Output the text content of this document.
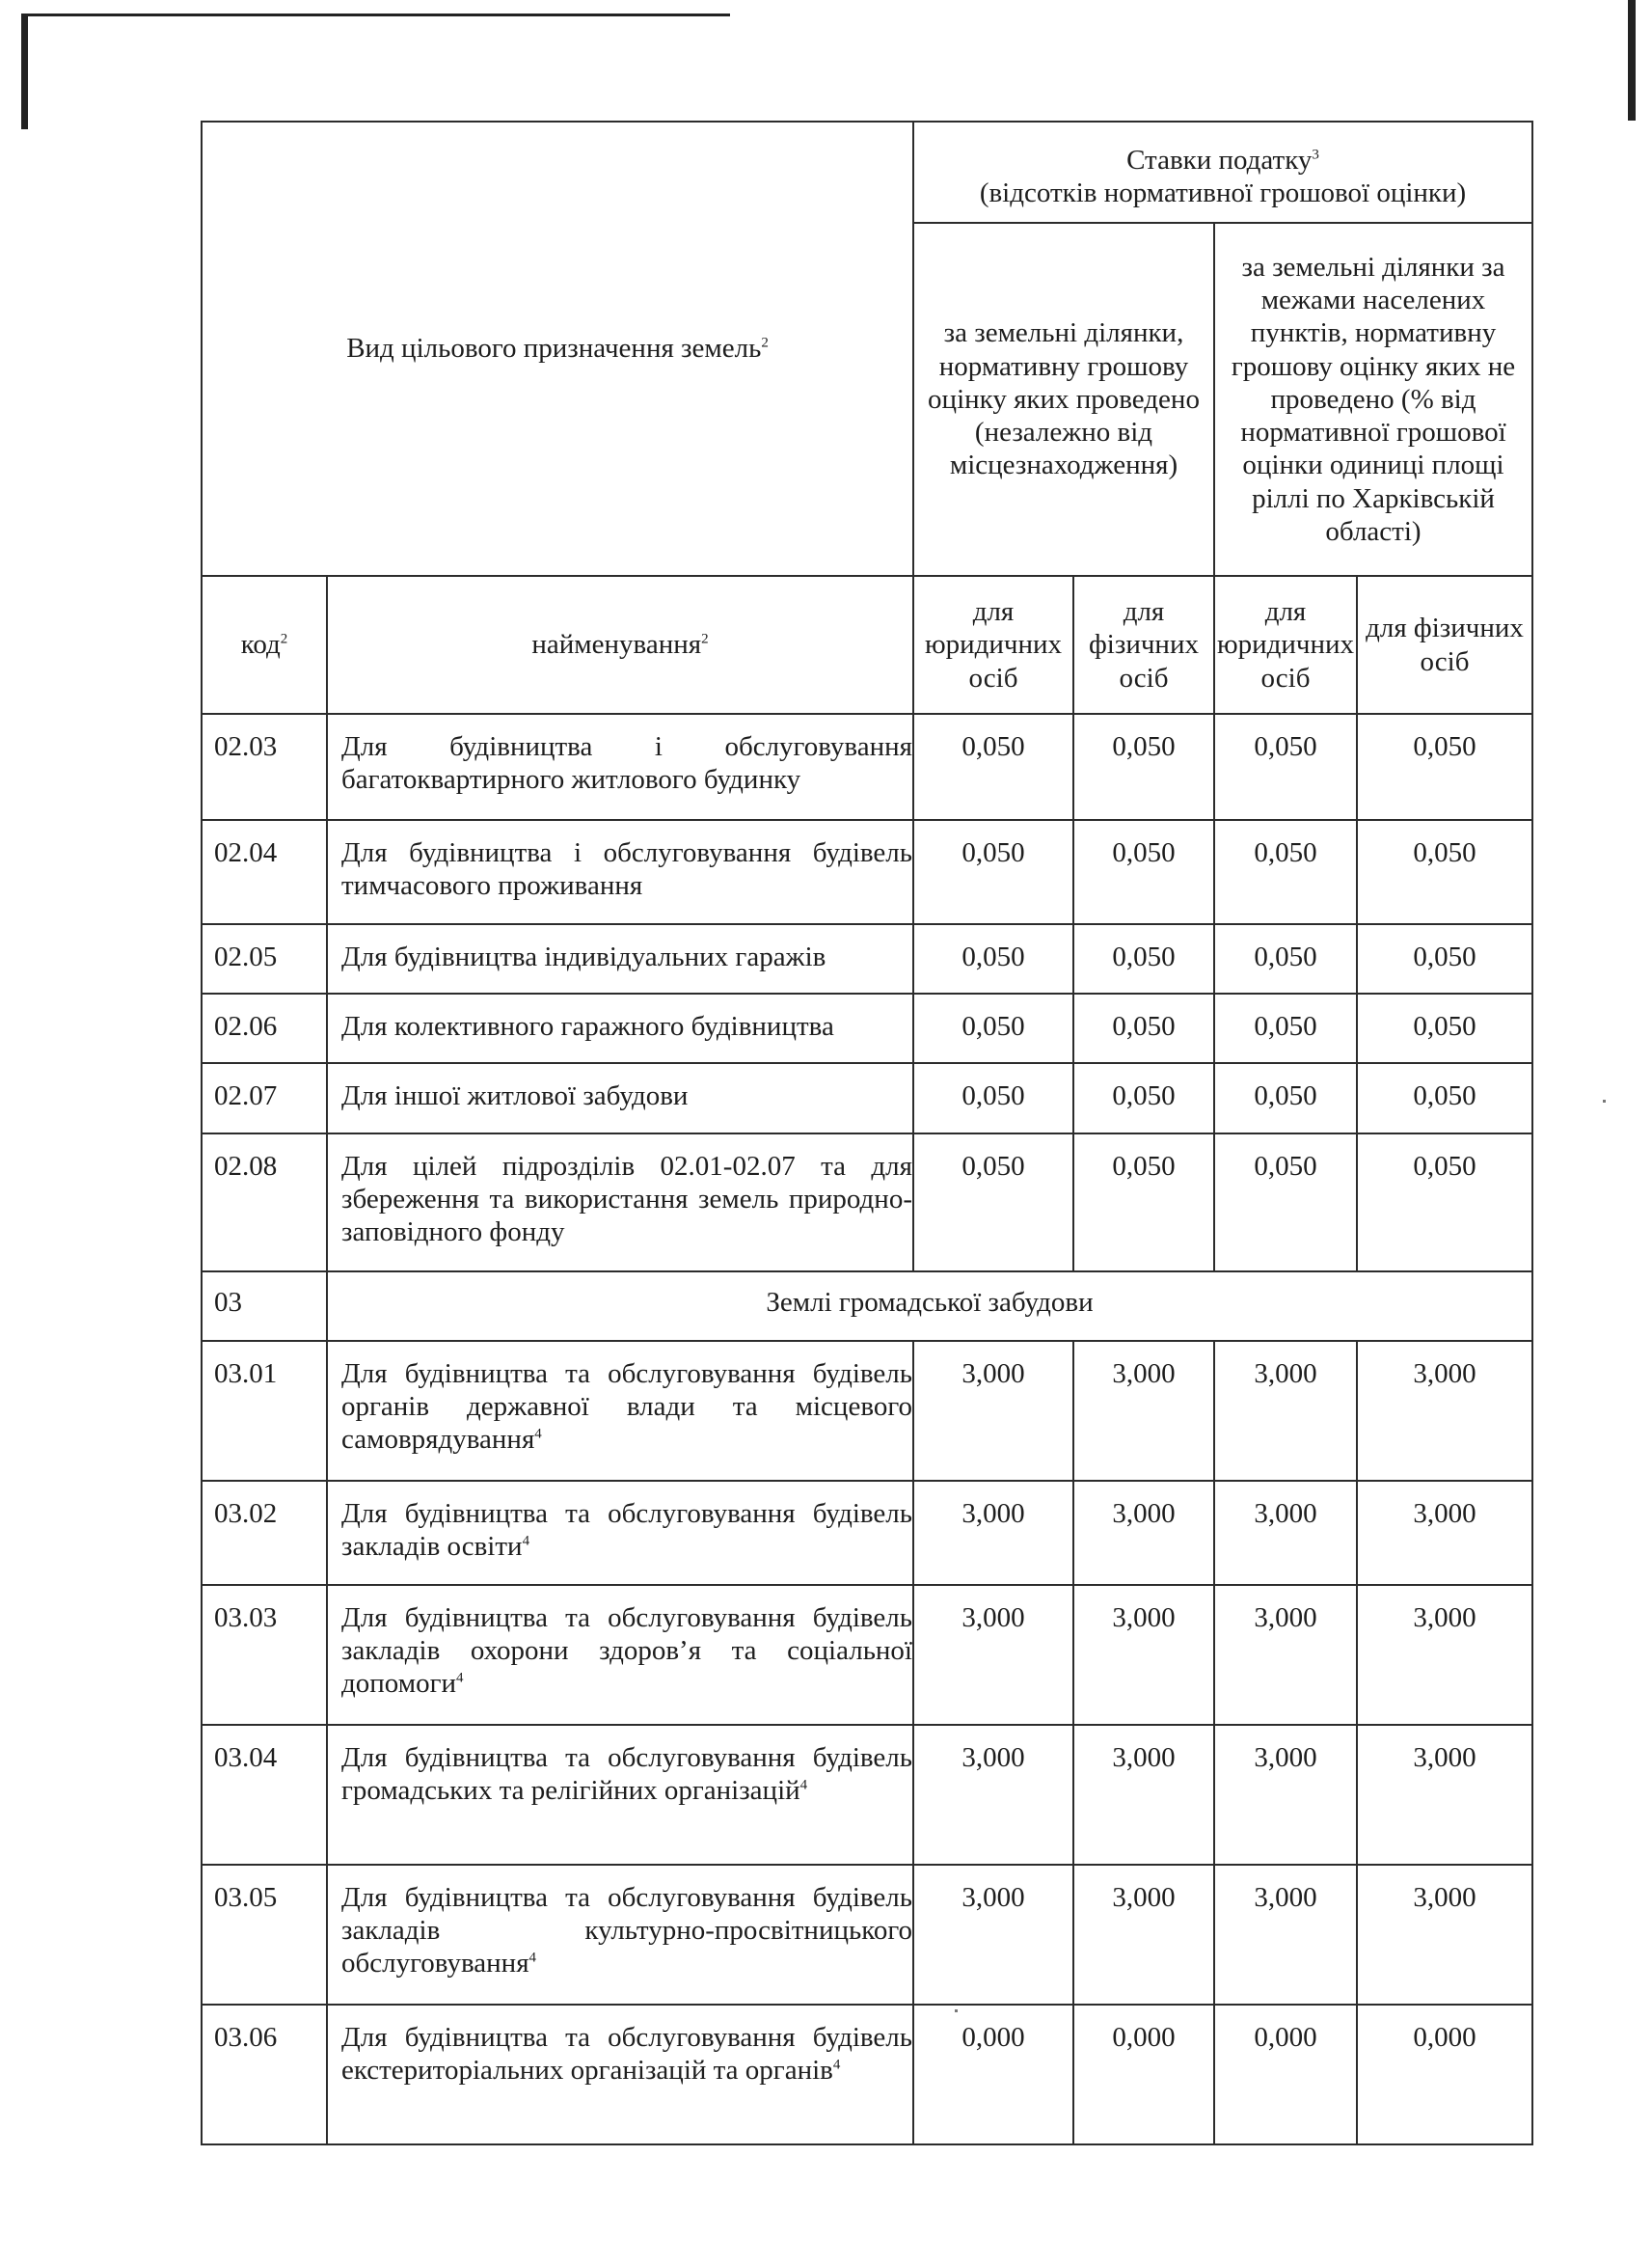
Вид цільового призначення земель$^2$		Ставки податку$^3$
(відсотків нормативної грошової оцінки)			
		за земельні ділянки, нормативну грошову оцінку яких проведено (незалежно від місцезнаходження)		за земельні ділянки за межами населених пунктів, нормативну грошову оцінку яких не проведено (% від нормативної грошової оцінки одиниці площі ріллі по Харківській області)	
код$^2$	найменування$^2$	для юридичних осіб	для фізичних осіб	для юридичних осіб	для фізичних осіб
02.03	Для будівництва і обслуговування багатоквартирного житлового будинку	0,050	0,050	0,050	0,050
02.04	Для будівництва і обслуговування будівель тимчасового проживання	0,050	0,050	0,050	0,050
02.05	Для будівництва індивідуальних гаражів	0,050	0,050	0,050	0,050
02.06	Для колективного гаражного будівництва	0,050	0,050	0,050	0,050
02.07	Для іншої житлової забудови	0,050	0,050	0,050	0,050
02.08	Для цілей підрозділів 02.01-02.07 та для збереження та використання земель природно-заповідного фонду	0,050	0,050	0,050	0,050
03	Землі громадської забудови				
03.01	Для будівництва та обслуговування будівель органів державної влади та місцевого самоврядування$^4$	3,000	3,000	3,000	3,000
03.02	Для будівництва та обслуговування будівель закладів освіти$^4$	3,000	3,000	3,000	3,000
03.03	Для будівництва та обслуговування будівель закладів охорони здоров’я та соціальної допомоги$^4$	3,000	3,000	3,000	3,000
03.04	Для будівництва та обслуговування будівель громадських та релігійних організацій$^4$	3,000	3,000	3,000	3,000
03.05	Для будівництва та обслуговування будівель закладів культурно-просвітницького обслуговування$^4$	3,000	3,000	3,000	3,000
03.06	Для будівництва та обслуговування будівель екстериторіальних організацій та органів$^4$	0,000	0,000	0,000	0,000
